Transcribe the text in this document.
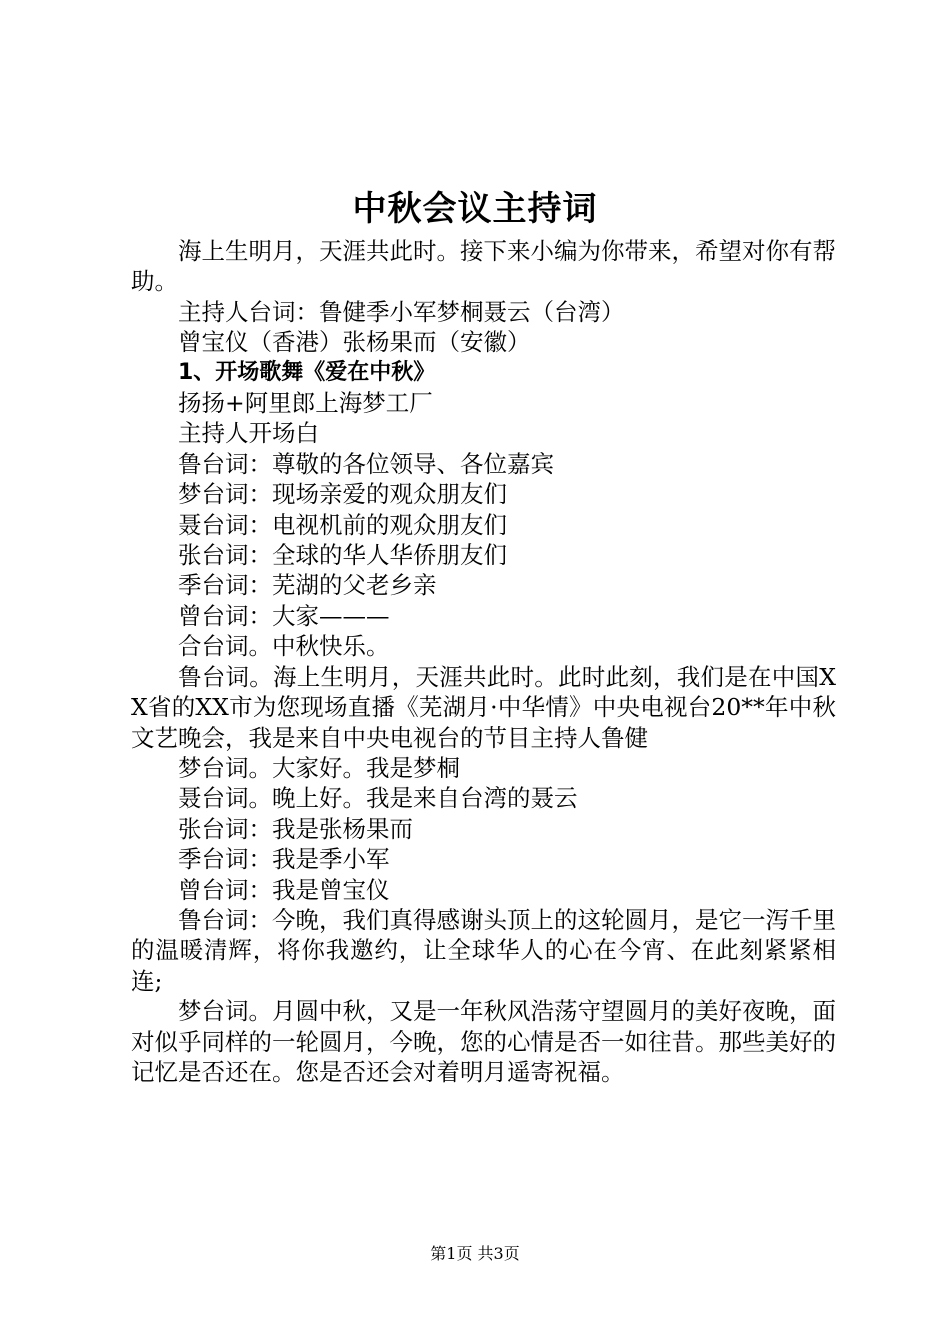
中秋会议主持词

海上生明月，天涯共此时。接下来小编为你带来，希望对你有帮助。

主持人台词：鲁健季小军梦桐聂云（台湾）

曾宝仪（香港）张杨果而（安徽）

1、开场歌舞《爱在中秋》

扬扬+阿里郎上海梦工厂

主持人开场白

鲁台词：尊敬的各位领导、各位嘉宾

梦台词：现场亲爱的观众朋友们

聂台词：电视机前的观众朋友们

张台词：全球的华人华侨朋友们

季台词：芜湖的父老乡亲

曾台词：大家———

合台词。中秋快乐。

鲁台词。海上生明月，天涯共此时。此时此刻，我们是在中国XX省的XX市为您现场直播《芜湖月·中华情》中央电视台20**年中秋文艺晚会，我是来自中央电视台的节目主持人鲁健

梦台词。大家好。我是梦桐

聂台词。晚上好。我是来自台湾的聂云

张台词：我是张杨果而

季台词：我是季小军

曾台词：我是曾宝仪

鲁台词：今晚，我们真得感谢头顶上的这轮圆月，是它一泻千里的温暖清辉，将你我邀约，让全球华人的心在今宵、在此刻紧紧相连;

梦台词。月圆中秋，又是一年秋风浩荡守望圆月的美好夜晚，面对似乎同样的一轮圆月，今晚，您的心情是否一如往昔。那些美好的记忆是否还在。您是否还会对着明月遥寄祝福。

第1页 共3页
